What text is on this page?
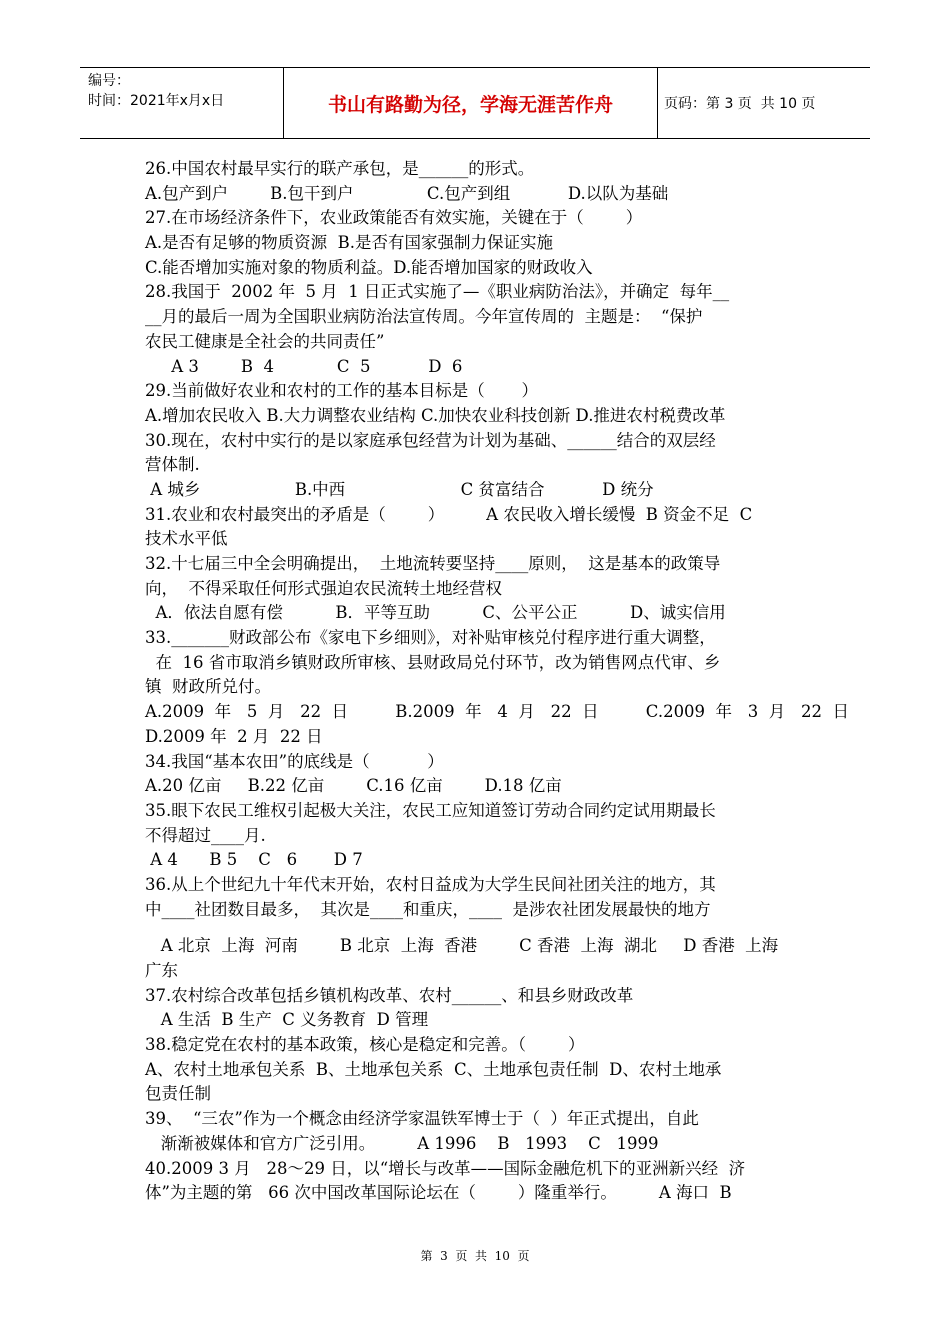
编号：
时间：2021年x月x日	书山有路勤为径，学海无涯苦作舟	页码：第 3 页  共 10 页
26.中国农村最早实行的联产承包，是______的形式。
A.包产到户        B.包干到户              C.包产到组           D.以队为基础
27.在市场经济条件下，农业政策能否有效实施，关键在于（        ）
A.是否有足够的物质资源  B.是否有国家强制力保证实施
C.能否增加实施对象的物质利益。D.能否增加国家的财政收入
28.我国于  2002 年  5 月  1 日正式实施了—《职业病防治法》，并确定  每年__
__月的最后一周为全国职业病防治法宣传周。今年宣传周的  主题是：  “保护
农民工健康是全社会的共同责任”
A 3        B  4            C  5           D  6
29.当前做好农业和农村的工作的基本目标是（       ）
A.增加农民收入 B.大力调整农业结构 C.加快农业科技创新 D.推进农村税费改革
30.现在，农村中实行的是以家庭承包经营为计划为基础、______结合的双层经
营体制.
A 城乡                  B.中西                      C 贫富结合           D 统分
31.农业和农村最突出的矛盾是（        ）        A 农民收入增长缓慢  B 资金不足  C
技术水平低
32.十七届三中全会明确提出，  土地流转要坚持____原则，  这是基本的政策导
向，  不得采取任何形式强迫农民流转土地经营权
A．依法自愿有偿          B．平等互助          C、公平公正          D、诚实信用
33._______财政部公布《家电下乡细则》，对补贴审核兑付程序进行重大调整，
在  16 省市取消乡镇财政所审核、县财政局兑付环节，改为销售网点代审、乡
镇  财政所兑付。
A.2009  年   5  月   22  日         B.2009  年   4  月   22  日         C.2009  年   3  月   22  日
D.2009 年  2 月  22 日
34.我国“基本农田”的底线是（           ）
A.20 亿亩     B.22 亿亩        C.16 亿亩        D.18 亿亩
35.眼下农民工维权引起极大关注，农民工应知道签订劳动合同约定试用期最长
不得超过____月.
A 4      B 5    C   6       D 7
36.从上个世纪九十年代末开始，农村日益成为大学生民间社团关注的地方，其
中____社团数目最多，  其次是____和重庆，____  是涉农社团发展最快的地方
A 北京  上海  河南        B 北京  上海  香港        C 香港  上海  湖北     D 香港  上海
广东
37.农村综合改革包括乡镇机构改革、农村______、和县乡财政改革
A 生活  B 生产  C 义务教育  D 管理
38.稳定党在农村的基本政策，核心是稳定和完善。（        ）
A、农村土地承包关系  B、土地承包关系  C、土地承包责任制  D、农村土地承
包责任制
39、  “三农”作为一个概念由经济学家温铁军博士于（  ）年正式提出，自此
渐渐被媒体和官方广泛引用。        A 1996    B   1993    C   1999
40.2009 3 月   28～29 日，以“增长与改革——国际金融危机下的亚洲新兴经  济
体”为主题的第   66 次中国改革国际论坛在（        ）隆重举行。        A 海口  B
第  3  页  共  10  页
